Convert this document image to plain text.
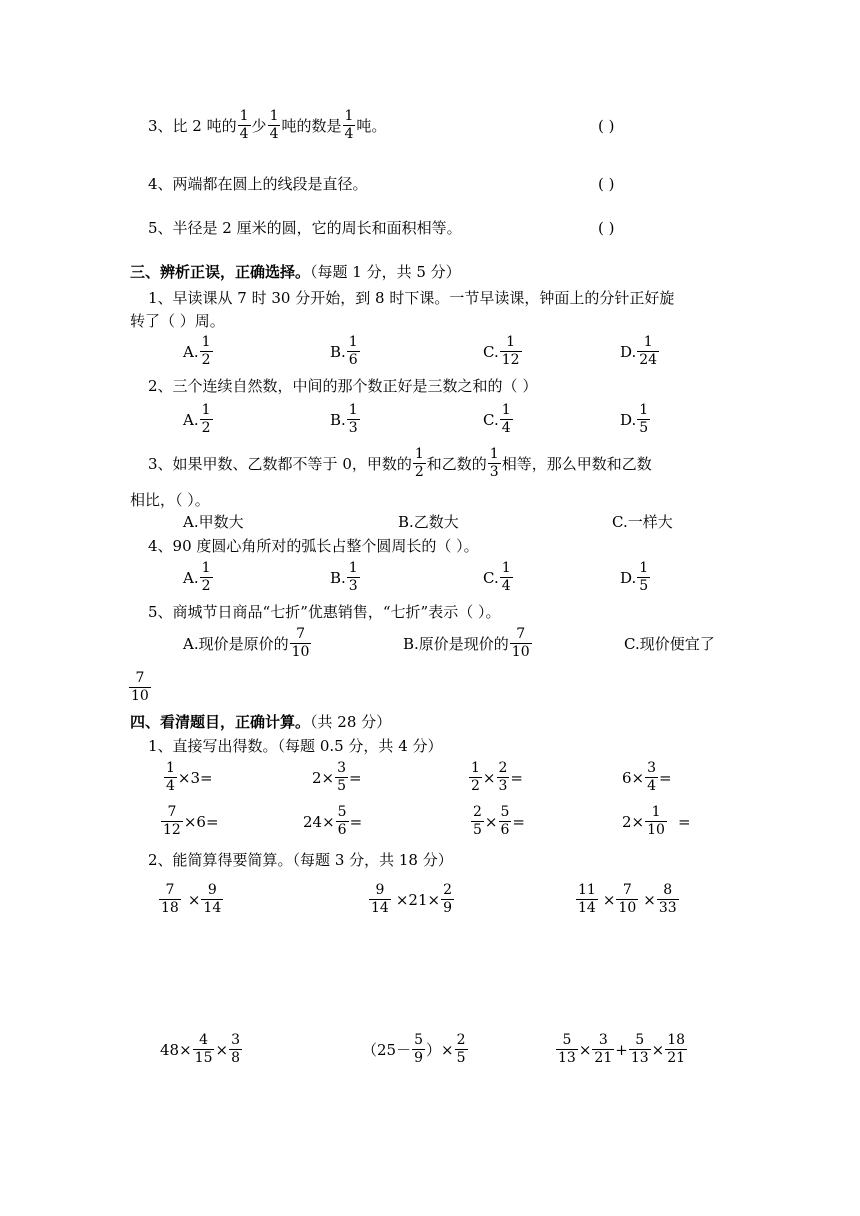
3、比 2 吨的 $\frac{1}{4}$ 少 $\frac{1}{4}$ 吨的数是 $\frac{1}{4}$ 吨。	( )
4、两端都在圆上的线段是直径。	( )
5、半径是 2 厘米的圆，它的周长和面积相等。	( )
三、辨析正误，正确选择。（每题 1 分，共 5 分）
1、早读课从 7 时 30 分开始，到 8 时下课。一节早读课，钟面上的分针正好旋
转了（ ）周。
A. $\frac{1}{2}$	B. $\frac{1}{6}$	C. $\frac{1}{12}$	D. $\frac{1}{24}$
2、三个连续自然数，中间的那个数正好是三数之和的（ ）
A. $\frac{1}{2}$	B. $\frac{1}{3}$	C. $\frac{1}{4}$	D. $\frac{1}{5}$
3、如果甲数、乙数都不等于 0，甲数的 $\frac{1}{2}$ 和乙数的 $\frac{1}{3}$ 相等，那么甲数和乙数
相比，（ ）。
A.甲数大	B.乙数大	C.一样大
4、90 度圆心角所对的弧长占整个圆周长的（ ）。
A. $\frac{1}{2}$	B. $\frac{1}{3}$	C. $\frac{1}{4}$	D. $\frac{1}{5}$
5、商城节日商品“七折”优惠销售，“七折”表示（ ）。
A.现价是原价的 $\frac{7}{10}$	B.原价是现价的 $\frac{7}{10}$	C.现价便宜了
$\frac{7}{10}$
四、看清题目，正确计算。（共 28 分）
1、直接写出得数。（每题 0.5 分，共 4 分）
$\frac{1}{4} \times 3=$	$2\times \frac{3}{5}$ =	$\frac{1}{2} \times \frac{2}{3}$ =	$6\times \frac{3}{4}$ =
$\frac{7}{12} \times 6=$	$24\times \frac{5}{6}$ =	$\frac{2}{5} \times \frac{5}{6}$ =	$2\times \frac{1}{10}$ =
2、能简算得要简算。（每题 3 分，共 18 分）
$\frac{7}{18} \times \frac{9}{14}$	$\frac{9}{14} \times 21\times \frac{2}{9}$	$\frac{11}{14} \times \frac{7}{10} \times \frac{8}{33}$
$48\times \frac{4}{15} \times \frac{3}{8}$	（$25- \frac{5}{9}$ ）× $\frac{2}{5}$	$\frac{5}{13} \times \frac{3}{21} + \frac{5}{13} \times \frac{18}{21}$
